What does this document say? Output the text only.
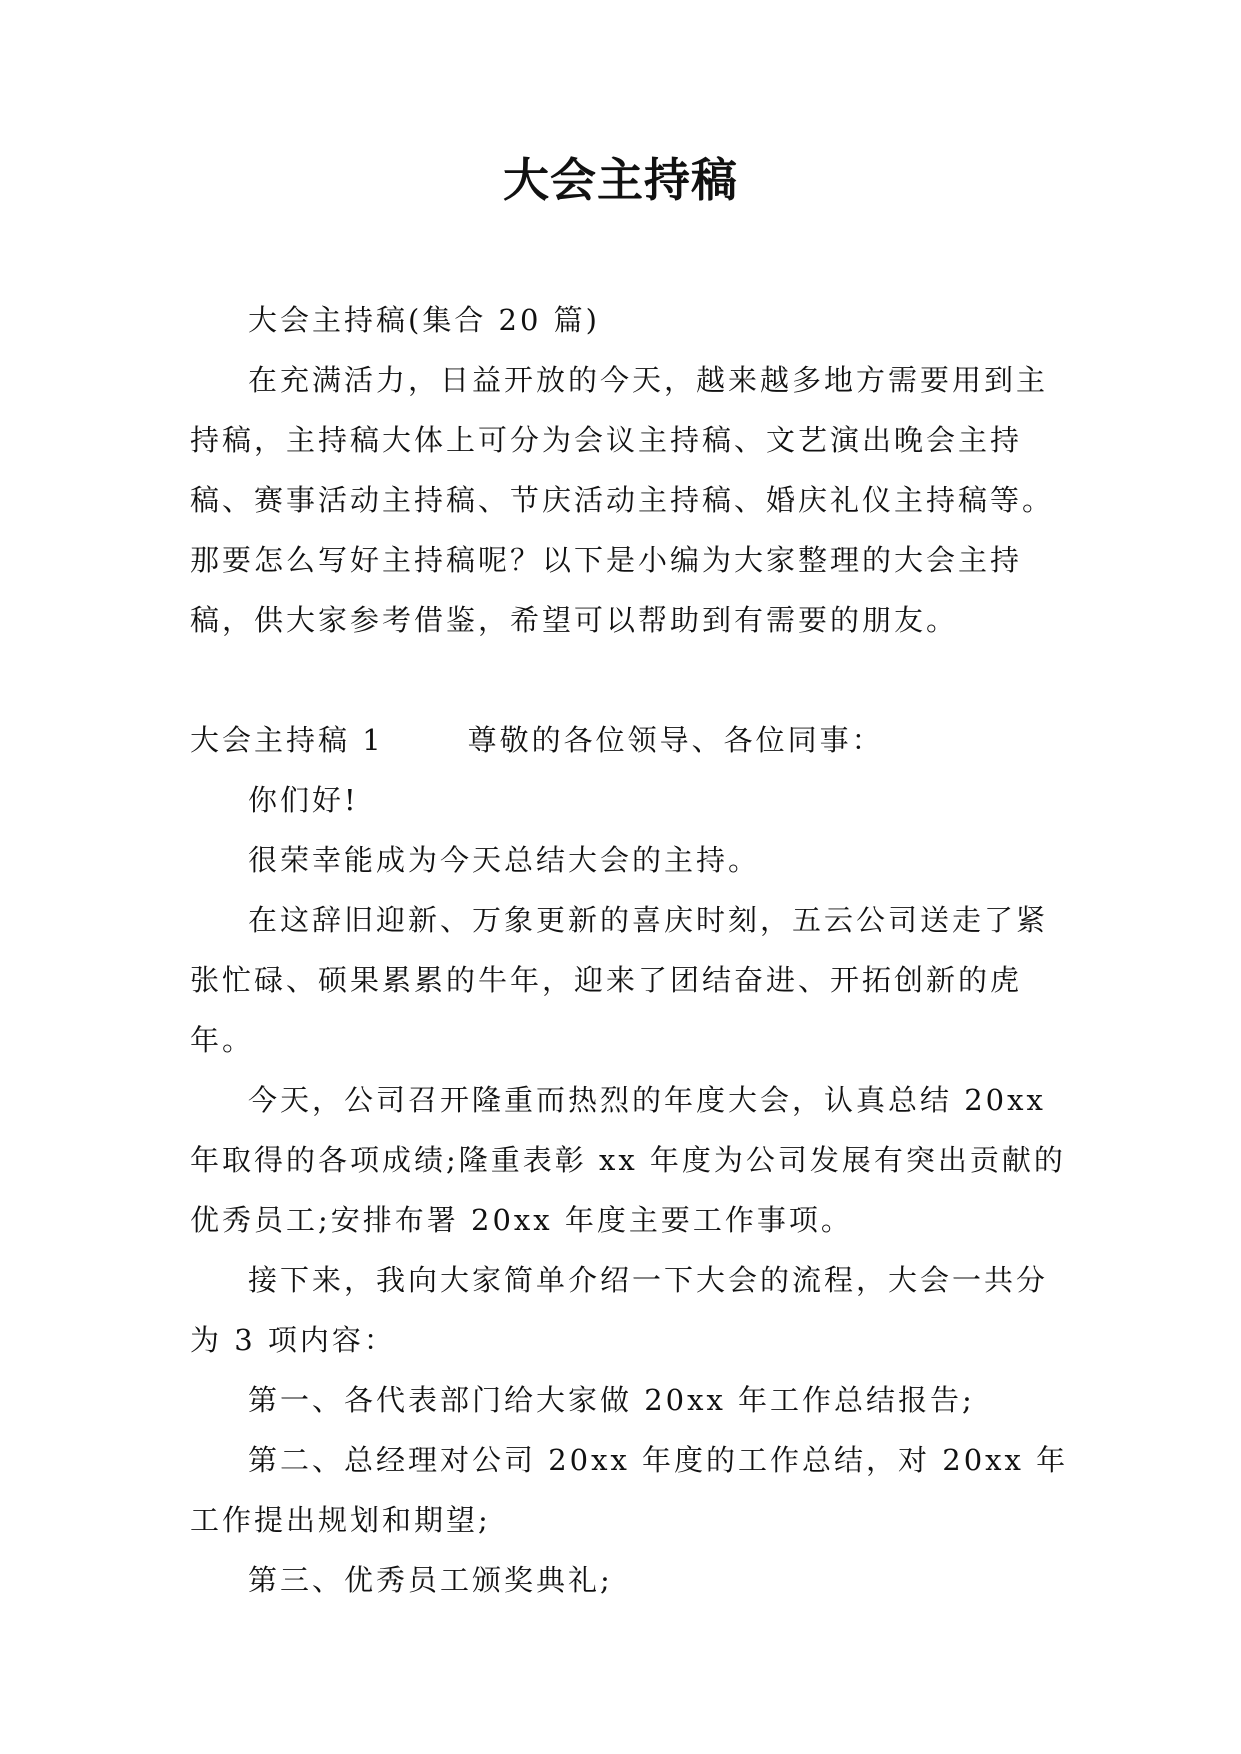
大会主持稿

大会主持稿(集合 20 篇)

在充满活力，日益开放的今天，越来越多地方需要用到主持稿，主持稿大体上可分为会议主持稿、文艺演出晚会主持稿、赛事活动主持稿、节庆活动主持稿、婚庆礼仪主持稿等。那要怎么写好主持稿呢？以下是小编为大家整理的大会主持稿，供大家参考借鉴，希望可以帮助到有需要的朋友。

大会主持稿 1	尊敬的各位领导、各位同事：

你们好!

很荣幸能成为今天总结大会的主持。

在这辞旧迎新、万象更新的喜庆时刻，五云公司送走了紧张忙碌、硕果累累的牛年，迎来了团结奋进、开拓创新的虎年。

今天，公司召开隆重而热烈的年度大会，认真总结 20xx 年取得的各项成绩;隆重表彰 xx 年度为公司发展有突出贡献的优秀员工;安排布署 20xx 年度主要工作事项。

接下来，我向大家简单介绍一下大会的流程，大会一共分为 3 项内容：

第一、各代表部门给大家做 20xx 年工作总结报告;

第二、总经理对公司 20xx 年度的工作总结，对 20xx 年工作提出规划和期望;

第三、优秀员工颁奖典礼;
